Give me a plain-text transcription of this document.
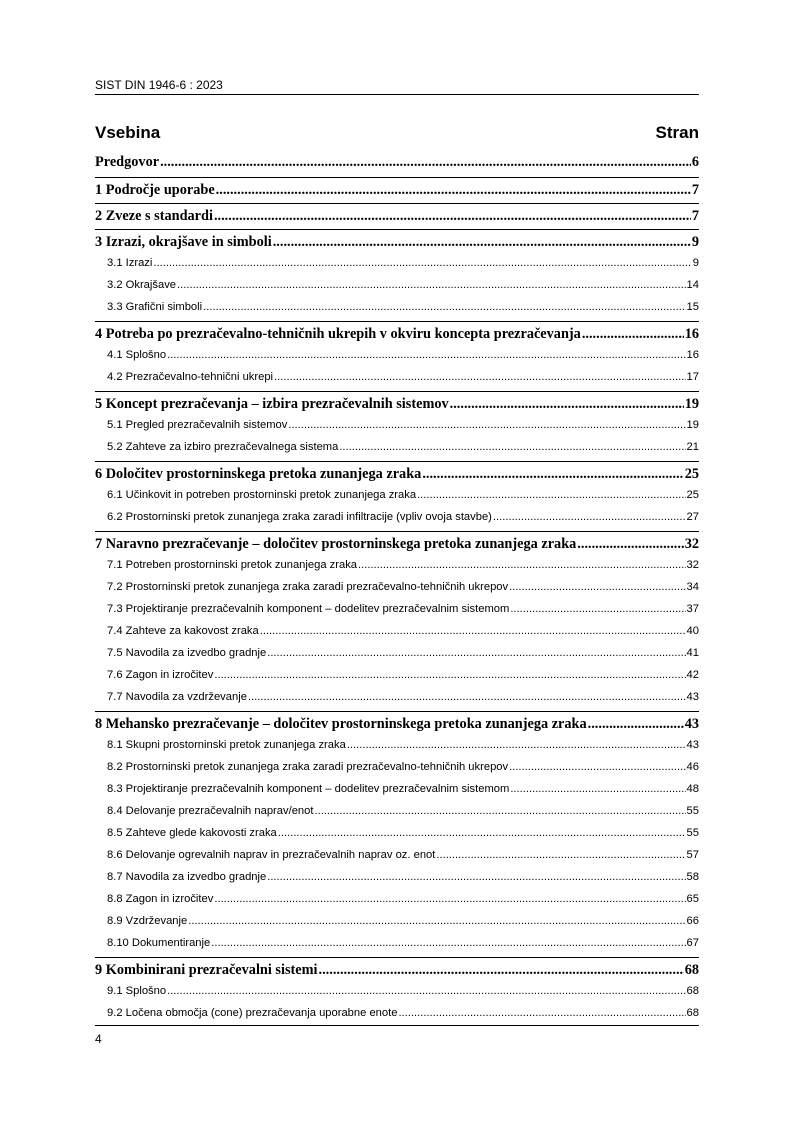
SIST DIN 1946-6 : 2023
Vsebina	Stran
Predgovor .....	6
1 Področje uporabe .....	7
2 Zveze s standardi .....	7
3 Izrazi, okrajšave in simboli .....	9
3.1 Izrazi .....	9
3.2 Okrajšave .....	14
3.3 Grafični simboli .....	15
4 Potreba po prezračevalno-tehničnih ukrepih v okviru koncepta prezračevanja .....	16
4.1 Splošno .....	16
4.2 Prezračevalno-tehnični ukrepi .....	17
5 Koncept prezračevanja – izbira prezračevalnih sistemov .....	19
5.1 Pregled prezračevalnih sistemov .....	19
5.2 Zahteve za izbiro prezračevalnega sistema .....	21
6 Določitev prostorninskega pretoka zunanjega zraka .....	25
6.1 Učinkovit in potreben prostorninski pretok zunanjega zraka .....	25
6.2 Prostorninski pretok zunanjega zraka zaradi infiltracije (vpliv ovoja stavbe) .....	27
7 Naravno prezračevanje – določitev prostorninskega pretoka zunanjega zraka .....	32
7.1 Potreben prostorninski pretok zunanjega zraka .....	32
7.2 Prostorninski pretok zunanjega zraka zaradi prezračevalno-tehničnih ukrepov .....	34
7.3 Projektiranje prezračevalnih komponent – dodelitev prezračevalnim sistemom .....	37
7.4 Zahteve za kakovost zraka .....	40
7.5 Navodila za izvedbo gradnje .....	41
7.6 Zagon in izročitev .....	42
7.7 Navodila za vzdrževanje .....	43
8 Mehansko prezračevanje – določitev prostorninskega pretoka zunanjega zraka .....	43
8.1 Skupni prostorninski pretok zunanjega zraka .....	43
8.2 Prostorninski pretok zunanjega zraka zaradi prezračevalno-tehničnih ukrepov .....	46
8.3 Projektiranje prezračevalnih komponent – dodelitev prezračevalnim sistemom .....	48
8.4 Delovanje prezračevalnih naprav/enot .....	55
8.5 Zahteve glede kakovosti zraka .....	55
8.6 Delovanje ogrevalnih naprav in prezračevalnih naprav oz. enot .....	57
8.7 Navodila za izvedbo gradnje .....	58
8.8 Zagon in izročitev .....	65
8.9 Vzdrževanje .....	66
8.10 Dokumentiranje .....	67
9 Kombinirani prezračevalni sistemi .....	68
9.1 Splošno .....	68
9.2 Ločena območja (cone) prezračevanja uporabne enote .....	68
4
